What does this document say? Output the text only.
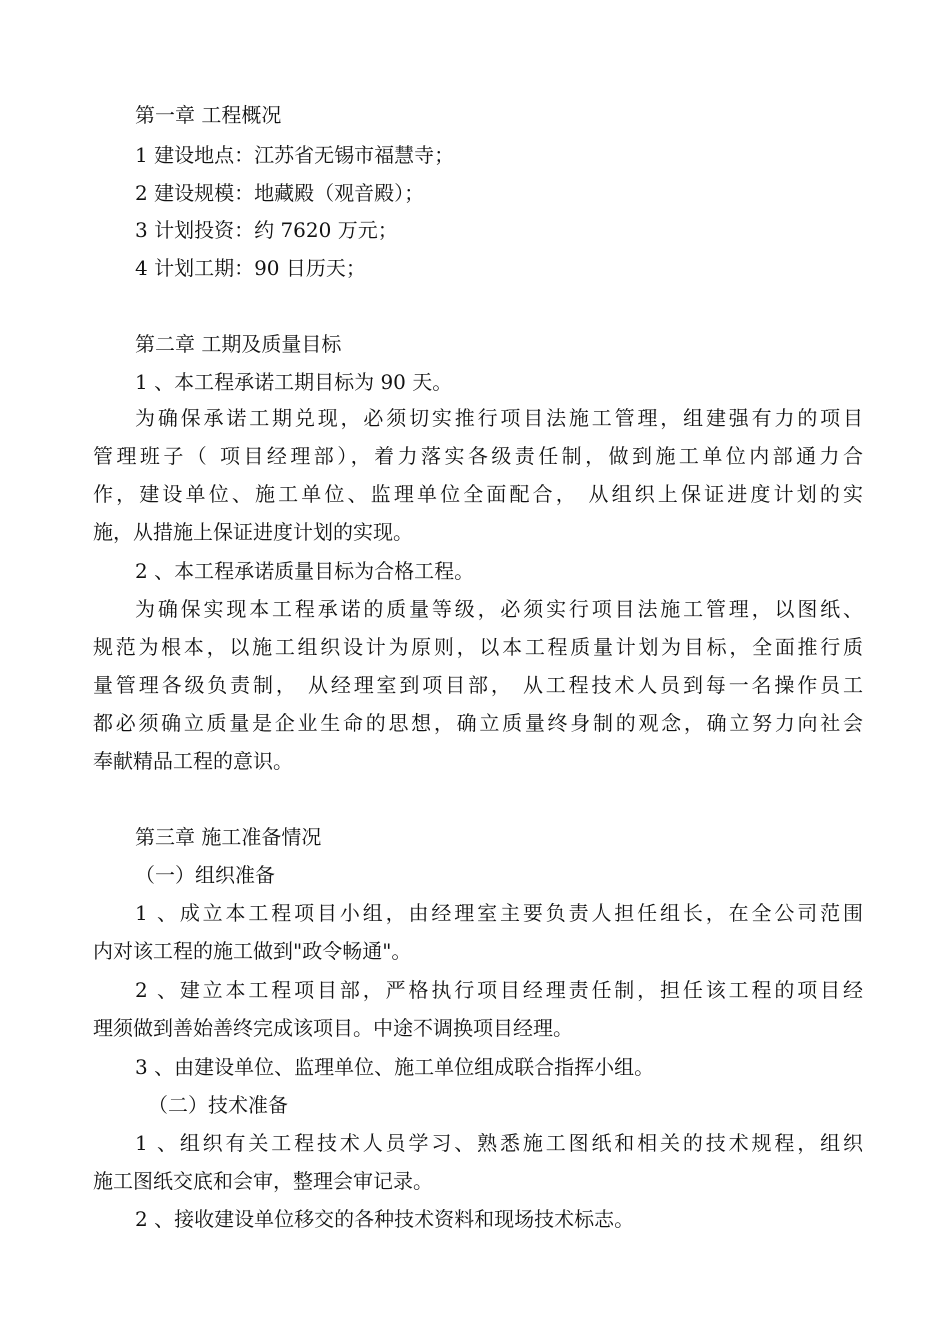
第一章 工程概况
1 建设地点：江苏省无锡市福慧寺；
2 建设规模：地藏殿（观音殿）；
3 计划投资：约 7620 万元；
4 计划工期：90 日历天；
第二章 工期及质量目标
1 、本工程承诺工期目标为 90 天。
为确保承诺工期兑现，必须切实推行项目法施工管理，组建强有力的项目
管理班子（ 项目经理部），着力落实各级责任制，做到施工单位内部通力合
作，建设单位、施工单位、监理单位全面配合， 从组织上保证进度计划的实
施，从措施上保证进度计划的实现。
2 、本工程承诺质量目标为合格工程。
为确保实现本工程承诺的质量等级，必须实行项目法施工管理，以图纸、
规范为根本，以施工组织设计为原则，以本工程质量计划为目标，全面推行质
量管理各级负责制， 从经理室到项目部， 从工程技术人员到每一名操作员工
都必须确立质量是企业生命的思想，确立质量终身制的观念，确立努力向社会
奉献精品工程的意识。
第三章 施工准备情况
（一）组织准备
1 、成立本工程项目小组，由经理室主要负责人担任组长，在全公司范围
内对该工程的施工做到"政令畅通"。
2 、建立本工程项目部，严格执行项目经理责任制，担任该工程的项目经
理须做到善始善终完成该项目。中途不调换项目经理。
3 、由建设单位、监理单位、施工单位组成联合指挥小组。
（二）技术准备
1 、组织有关工程技术人员学习、熟悉施工图纸和相关的技术规程，组织
施工图纸交底和会审，整理会审记录。
2 、接收建设单位移交的各种技术资料和现场技术标志。
